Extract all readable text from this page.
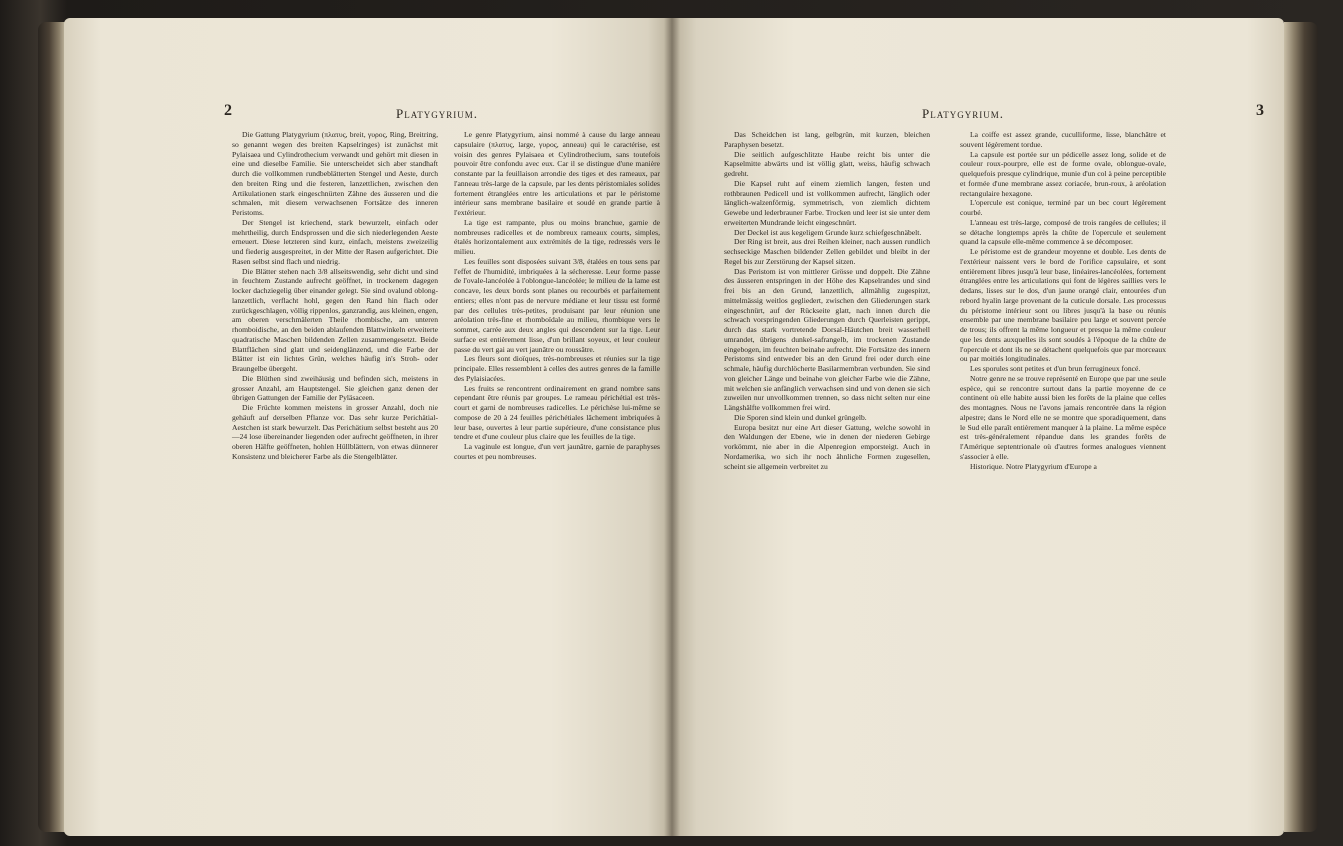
2	Platygyrium.

Die Gattung Platygyrium (πλατυς, breit, γυρος, Ring, Breitring, so genannt wegen des breiten Kapselringes) ist zunächst mit Pylaisaea und Cylindrothecium verwandt und gehört mit diesen in eine und dieselbe Familie. Sie unterscheidet sich aber standhaft durch die vollkommen rundbeblätterten Stengel und Aeste, durch den breiten Ring und die festeren, lanzettlichen, zwischen den Artikulationen stark eingeschnürten Zähne des äusseren und die schmalen, mit diesem verwachsenen Fortsätze des inneren Peristoms.

Der Stengel ist kriechend, stark bewurzelt, einfach oder mehrtheilig, durch Endsprossen und die sich niederlegenden Aeste erneuert. Diese letzteren sind kurz, einfach, meistens zweizeilig und fiederig ausgespreitet, in der Mitte der Rasen aufgerichtet. Die Rasen selbst sind flach und niedrig.

Die Blätter stehen nach 3/8 allseitswendig, sehr dicht und sind in feuchtem Zustande aufrecht geöffnet, in trockenem dagegen locker dachziegelig über einander gelegt. Sie sind ovalund oblong-lanzettlich, verflacht hohl, gegen den Rand hin flach oder zurückgeschlagen, völlig rippenlos, ganzrandig, aus kleinen, engen, am oberen verschmälerten Theile rhombische, am unteren rhomboidische, an den beiden ablaufenden Blattwinkeln erweiterte quadratische Maschen bildenden Zellen zusammengesetzt. Beide Blattflächen sind glatt und seidenglänzend, und die Farbe der Blätter ist ein lichtes Grün, welches häufig in's Stroh- oder Braungelbe übergeht.

Die Blüthen sind zweihäusig und befinden sich, meistens in grosser Anzahl, am Hauptstengel. Sie gleichen ganz denen der übrigen Gattungen der Familie der Pyläsaceen.

Die Früchte kommen meistens in grosser Anzahl, doch nie gehäuft auf derselben Pflanze vor. Das sehr kurze Perichätial-Aestchen ist stark bewurzelt. Das Perichätium selbst besteht aus 20—24 lose übereinander liegenden oder aufrecht geöffneten, in ihrer oberen Hälfte geöffneten, hohlen Hüllblättern, von etwas dünnerer Konsistenz und bleicherer Farbe als die Stengelblätter.

Le genre Platygyrium, ainsi nommé à cause du large anneau capsulaire (πλατυς, large, γυρος, anneau) qui le caractérise, est voisin des genres Pylaisaea et Cylindrothecium, sans toutefois pouvoir être confondu avec eux. Car il se distingue d'une manière constante par la feuillaison arrondie des tiges et des rameaux, par l'anneau très-large de la capsule, par les dents péristomiales solides fortement étranglées entre les articulations et par le péristome intérieur sans membrane basilaire et soudé en grande partie à l'extérieur.

La tige est rampante, plus ou moins branchue, garnie de nombreuses radicelles et de nombreux rameaux courts, simples, étalés horizontalement aux extrémités de la tige, redressés vers le milieu.

Les feuilles sont disposées suivant 3/8, étalées en tous sens par l'effet de l'humidité, imbriquées à la sécheresse. Leur forme passe de l'ovale-lancéolée à l'oblongue-lancéolée; le milieu de la lame est concave, les deux bords sont planes ou recourbés et parfaitement entiers; elles n'ont pas de nervure médiane et leur tissu est formé par des cellules très-petites, produisant par leur réunion une aréolation très-fine et rhomboïdale au milieu, rhombique vers le sommet, carrée aux deux angles qui descendent sur la tige. Leur surface est entièrement lisse, d'un brillant soyeux, et leur couleur passe du vert gai au vert jaunâtre ou roussâtre.

Les fleurs sont dioïques, très-nombreuses et réunies sur la tige principale. Elles ressemblent à celles des autres genres de la famille des Pylaisiacées.

Les fruits se rencontrent ordinairement en grand nombre sans cependant être réunis par groupes. Le rameau périchétial est très-court et garni de nombreuses radicelles. Le périchèse lui-même se compose de 20 à 24 feuilles périchétiales lâchement imbriquées à leur base, ouvertes à leur partie supérieure, d'une consistance plus tendre et d'une couleur plus claire que les feuilles de la tige.

La vaginule est longue, d'un vert jaunâtre, garnie de paraphyses courtes et peu nombreuses.

Platygyrium.	3

Das Scheidchen ist lang, gelbgrün, mit kurzen, bleichen Paraphysen besetzt.

Die seitlich aufgeschlitzte Haube reicht bis unter die Kapselmitte abwärts und ist völlig glatt, weiss, häufig schwach gedreht.

Die Kapsel ruht auf einem ziemlich langen, festen und rothbraunen Pedicell und ist vollkommen aufrecht, länglich oder länglich-walzenförmig, symmetrisch, von ziemlich dichtem Gewebe und lederbrauner Farbe. Trocken und leer ist sie unter dem erweiterten Mundrande leicht eingeschnürt.

Der Deckel ist aus kegeligem Grunde kurz schiefgeschnäbelt.

Der Ring ist breit, aus drei Reihen kleiner, nach aussen rundlich sechseckige Maschen bildender Zellen gebildet und bleibt in der Regel bis zur Zerstörung der Kapsel sitzen.

Das Peristom ist von mittlerer Grösse und doppelt. Die Zähne des äusseren entspringen in der Höhe des Kapselrandes und sind frei bis an den Grund, lanzettlich, allmählig zugespitzt, mittelmässig weitlos gegliedert, zwischen den Gliederungen stark eingeschnürt, auf der Rückseite glatt, nach innen durch die schwach vorspringenden Gliederungen durch Querleisten gerippt, durch das stark vortretende Dorsal-Häutchen breit wasserhell umrandet, übrigens dunkel-safrangelb, im trockenen Zustande eingebogen, im feuchten beinahe aufrecht. Die Fortsätze des innern Peristoms sind entweder bis an den Grund frei oder durch eine schmale, häufig durchlöcherte Basilarmembran verbunden. Sie sind von gleicher Länge und beinahe von gleicher Farbe wie die Zähne, mit welchen sie anfänglich verwachsen sind und von denen sie sich zuweilen nur unvollkommen trennen, so dass nicht selten nur eine Längshälfte vollkommen frei wird.

Die Sporen sind klein und dunkel grüngelb.

Europa besitzt nur eine Art dieser Gattung, welche sowohl in den Waldungen der Ebene, wie in denen der niederen Gebirge vorkömmt, nie aber in die Alpenregion emporsteigt. Auch in Nordamerika, wo sich ihr noch ähnliche Formen zugesellen, scheint sie allgemein verbreitet zu

La coiffe est assez grande, cuculliforme, lisse, blanchâtre et souvent légèrement tordue.

La capsule est portée sur un pédicelle assez long, solide et de couleur roux-pourpre, elle est de forme ovale, oblongue-ovale, quelquefois presque cylindrique, munie d'un col à peine perceptible et formée d'une membrane assez coriacée, brun-roux, à aréolation rectangulaire hexagone.

L'opercule est conique, terminé par un bec court légèrement courbé.

L'anneau est très-large, composé de trois rangées de cellules; il se détache longtemps après la chûte de l'opercule et seulement quand la capsule elle-même commence à se décomposer.

Le péristome est de grandeur moyenne et double. Les dents de l'extérieur naissent vers le bord de l'orifice capsulaire, et sont entièrement libres jusqu'à leur base, linéaires-lancéolées, fortement étranglées entre les articulations qui font de légères saillies vers le dedans, lisses sur le dos, d'un jaune orangé clair, entourées d'un rebord hyalin large provenant de la cuticule dorsale. Les processus du péristome intérieur sont ou libres jusqu'à la base ou réunis ensemble par une membrane basilaire peu large et souvent percée de trous; ils offrent la même longueur et presque la même couleur que les dents auxquelles ils sont soudés à l'époque de la chûte de l'opercule et dont ils ne se détachent quelquefois que par morceaux ou par moitiés longitudinales.

Les sporules sont petites et d'un brun ferrugineux foncé.

Notre genre ne se trouve représenté en Europe que par une seule espèce, qui se rencontre surtout dans la partie moyenne de ce continent où elle habite aussi bien les forêts de la plaine que celles des montagnes. Nous ne l'avons jamais rencontrée dans la région alpestre; dans le Nord elle ne se montre que sporadiquement, dans le Sud elle paraît entièrement manquer à la plaine. La même espèce est très-généralement répandue dans les grandes forêts de l'Amérique septentrionale où d'autres formes analogues viennent s'associer à elle.

Historique. Notre Platygyrium d'Europe a
